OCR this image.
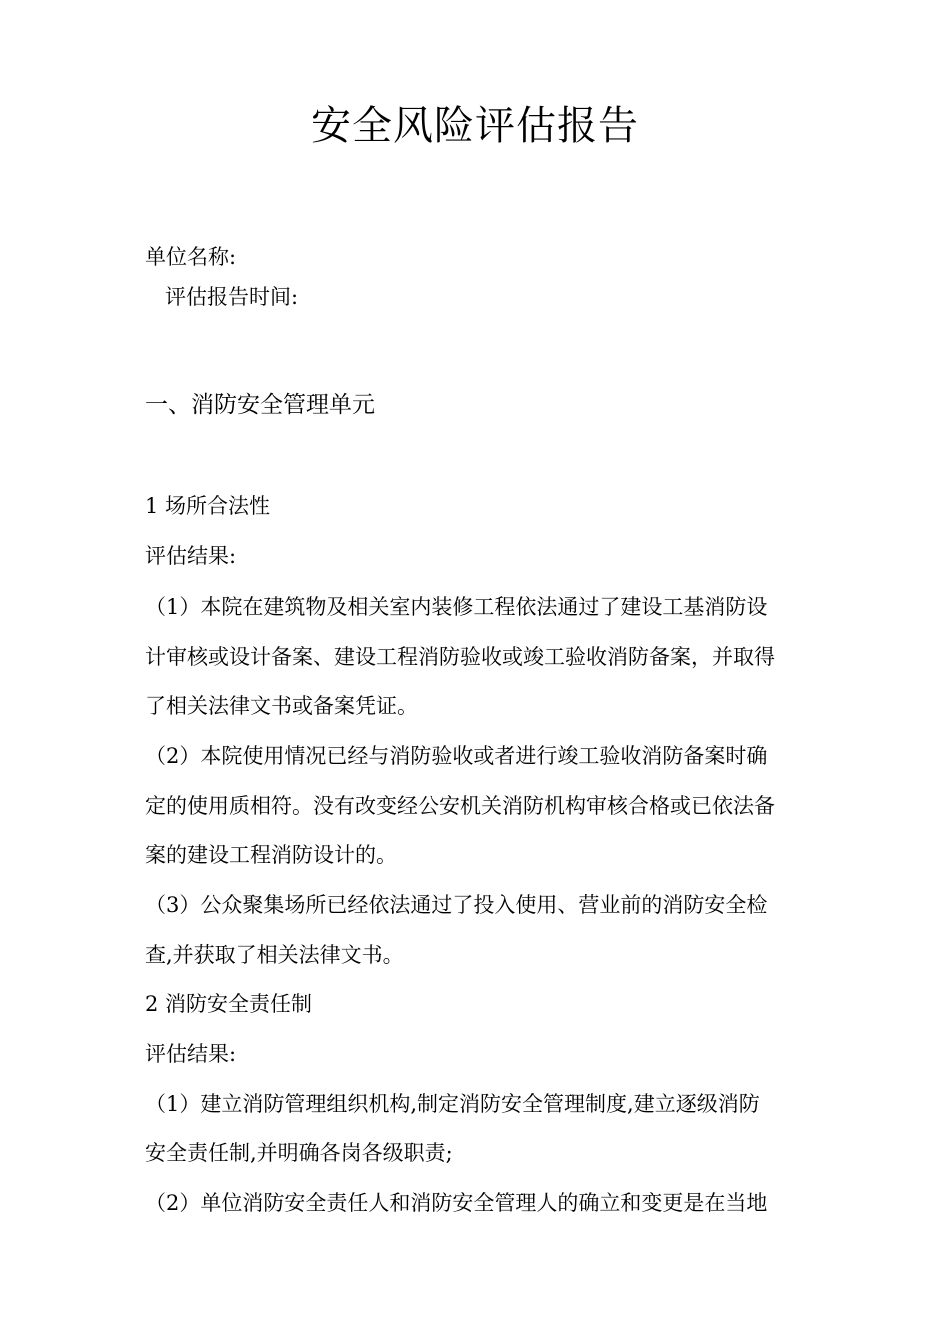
安全风险评估报告
单位名称:
评估报告时间:
一、消防安全管理单元
1 场所合法性
评估结果:
（1）本院在建筑物及相关室内装修工程依法通过了建设工基消防设
计审核或设计备案、建设工程消防验收或竣工验收消防备案，并取得
了相关法律文书或备案凭证。
（2）本院使用情况已经与消防验收或者进行竣工验收消防备案时确
定的使用质相符。没有改变经公安机关消防机构审核合格或已依法备
案的建设工程消防设计的。
（3）公众聚集场所已经依法通过了投入使用、营业前的消防安全检
查,并获取了相关法律文书。
2 消防安全责任制
评估结果:
（1）建立消防管理组织机构,制定消防安全管理制度,建立逐级消防
安全责任制,并明确各岗各级职责;
（2）单位消防安全责任人和消防安全管理人的确立和变更是在当地
